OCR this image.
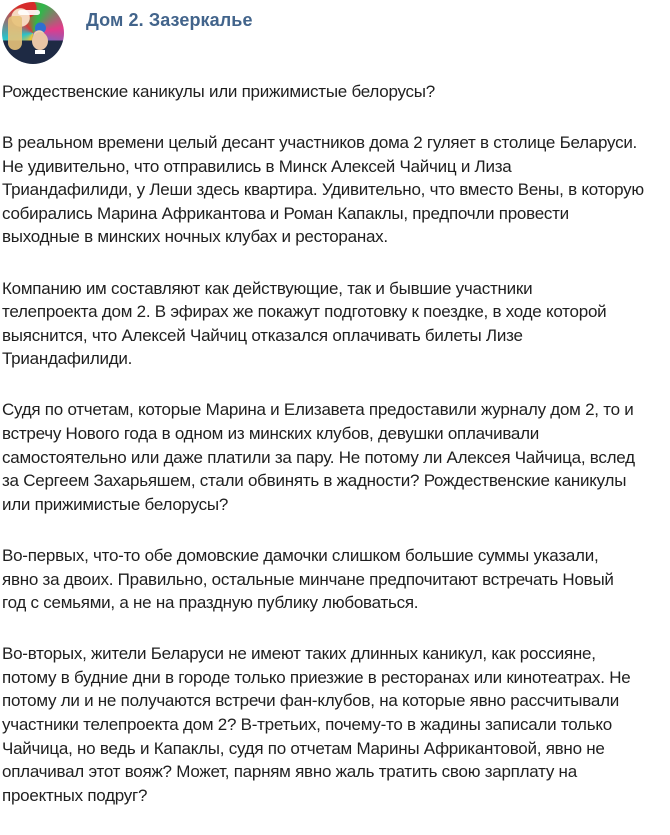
Дом 2. Зазеркалье

Рождественские каникулы или прижимистые белорусы?

В реальном времени целый десант участников дома 2 гуляет в столице Беларуси.
Не удивительно, что отправились в Минск Алексей Чайчиц и Лиза
Триандафилиди, у Леши здесь квартира. Удивительно, что вместо Вены, в которую
собирались Марина Африкантова и Роман Капаклы, предпочли провести
выходные в минских ночных клубах и ресторанах.

Компанию им составляют как действующие, так и бывшие участники
телепроекта дом 2. В эфирах же покажут подготовку к поездке, в ходе которой
выяснится, что Алексей Чайчиц отказался оплачивать билеты Лизе
Триандафилиди.

Судя по отчетам, которые Марина и Елизавета предоставили журналу дом 2, то и
встречу Нового года в одном из минских клубов, девушки оплачивали
самостоятельно или даже платили за пару. Не потому ли Алексея Чайчица, вслед
за Сергеем Захарьяшем, стали обвинять в жадности? Рождественские каникулы
или прижимистые белорусы?

Во-первых, что-то обе домовские дамочки слишком большие суммы указали,
явно за двоих. Правильно, остальные минчане предпочитают встречать Новый
год с семьями, а не на праздную публику любоваться.

Во-вторых, жители Беларуси не имеют таких длинных каникул, как россияне,
потому в будние дни в городе только приезжие в ресторанах или кинотеатрах. Не
потому ли и не получаются встречи фан-клубов, на которые явно рассчитывали
участники телепроекта дом 2? В-третьих, почему-то в жадины записали только
Чайчица, но ведь и Капаклы, судя по отчетам Марины Африкантовой, явно не
оплачивал этот вояж? Может, парням явно жаль тратить свою зарплату на
проектных подруг?
